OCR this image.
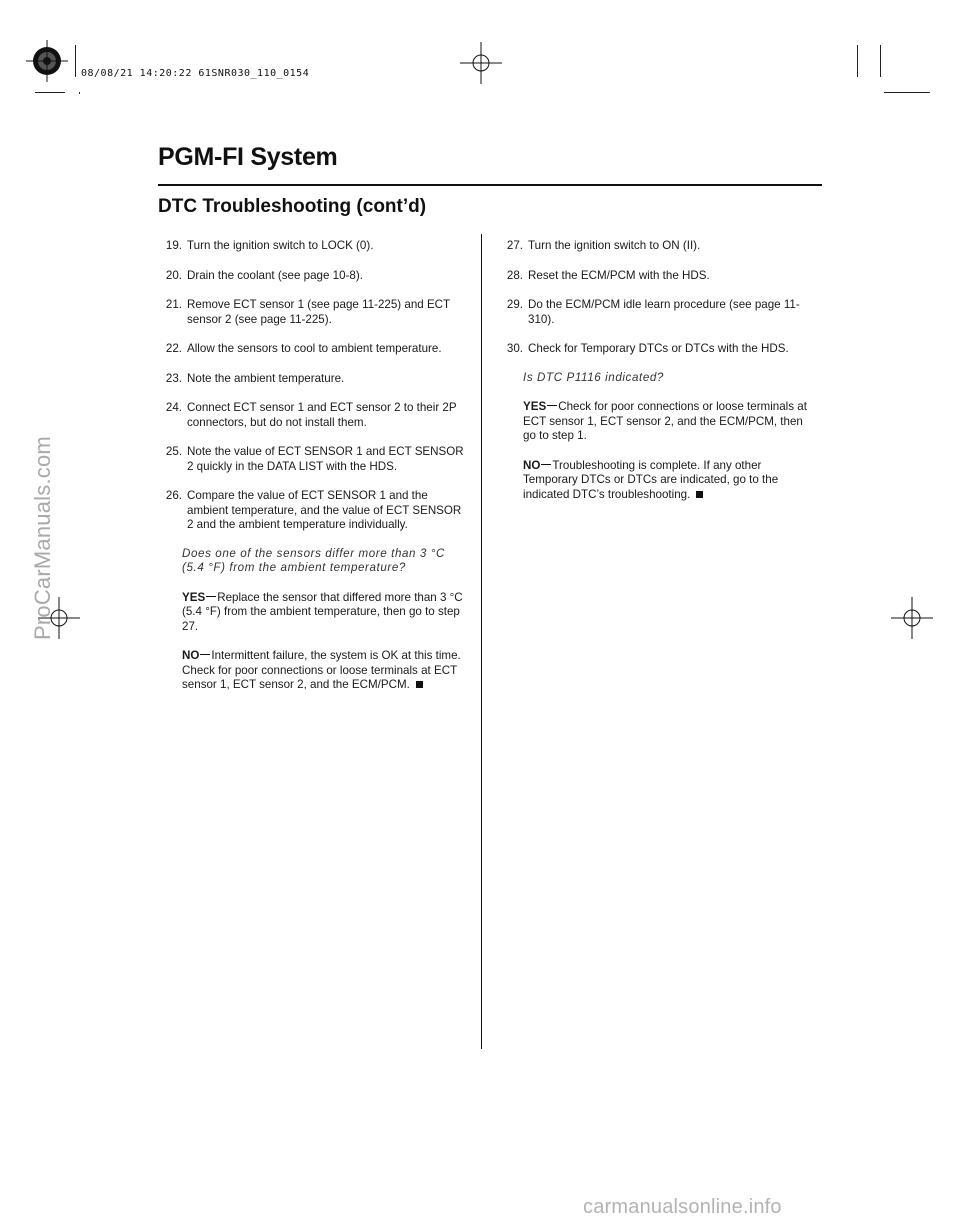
08/08/21 14:20:22 61SNR030_110_0154
PGM-FI System
DTC Troubleshooting (cont’d)
19. Turn the ignition switch to LOCK (0).
20. Drain the coolant (see page 10-8).
21. Remove ECT sensor 1 (see page 11-225) and ECT sensor 2 (see page 11-225).
22. Allow the sensors to cool to ambient temperature.
23. Note the ambient temperature.
24. Connect ECT sensor 1 and ECT sensor 2 to their 2P connectors, but do not install them.
25. Note the value of ECT SENSOR 1 and ECT SENSOR 2 quickly in the DATA LIST with the HDS.
26. Compare the value of ECT SENSOR 1 and the ambient temperature, and the value of ECT SENSOR 2 and the ambient temperature individually.
Does one of the sensors differ more than 3 °C
(5.4 °F) from the ambient temperature?
YES Replace the sensor that differed more than 3 °C (5.4 °F) from the ambient temperature, then go to step 27.
NO Intermittent failure, the system is OK at this time. Check for poor connections or loose terminals at ECT sensor 1, ECT sensor 2, and the ECM/PCM.
27. Turn the ignition switch to ON (II).
28. Reset the ECM/PCM with the HDS.
29. Do the ECM/PCM idle learn procedure (see page 11-310).
30. Check for Temporary DTCs or DTCs with the HDS.
Is DTC P1116 indicated?
YES Check for poor connections or loose terminals at ECT sensor 1, ECT sensor 2, and the ECM/PCM, then go to step 1.
NO Troubleshooting is complete. If any other Temporary DTCs or DTCs are indicated, go to the indicated DTC’s troubleshooting.
ProCarManuals.com
carmanualsonline.info
